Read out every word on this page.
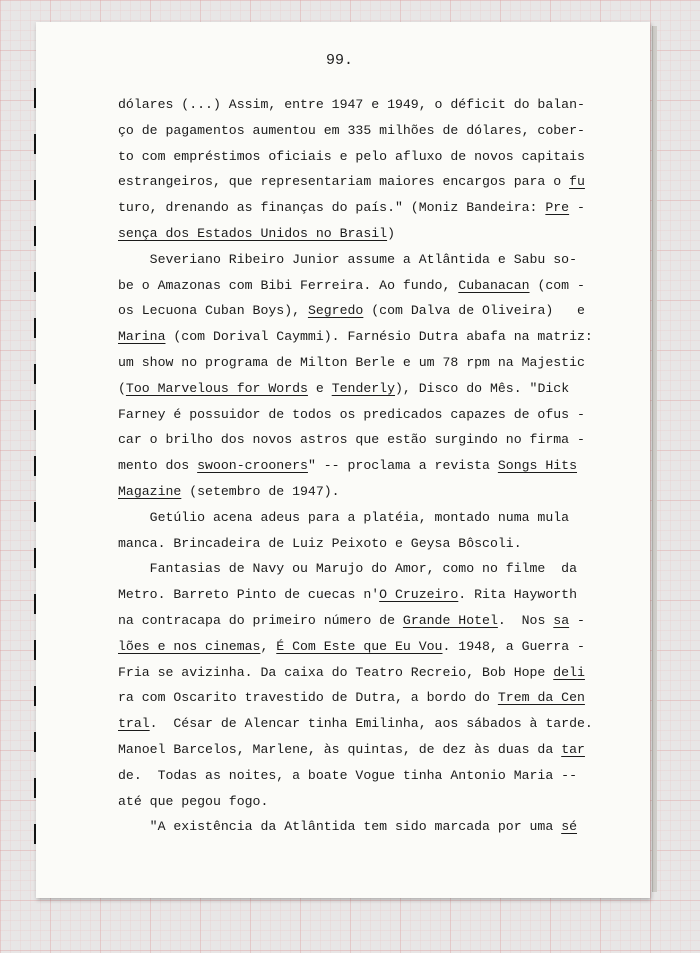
99.
dólares (...) Assim, entre 1947 e 1949, o déficit do balan-
ço de pagamentos aumentou em 335 milhões de dólares, cober-
to com empréstimos oficiais e pelo afluxo de novos capitais
estrangeiros, que representariam maiores encargos para o fu
turo, drenando as finanças do país." (Moniz Bandeira: Pre -
sença dos Estados Unidos no Brasil)
Severiano Ribeiro Junior assume a Atlântida e Sabu so-
be o Amazonas com Bibi Ferreira. Ao fundo, Cubanacan (com -
os Lecuona Cuban Boys), Segredo (com Dalva de Oliveira)   e
Marina (com Dorival Caymmi). Farnésio Dutra abafa na matriz:
um show no programa de Milton Berle e um 78 rpm na Majestic
(Too Marvelous for Words e Tenderly), Disco do Mês. "Dick
Farney é possuidor de todos os predicados capazes de ofus -
car o brilho dos novos astros que estão surgindo no firma -
mento dos swoon-crooners" -- proclama a revista Songs Hits
Magazine (setembro de 1947).
Getúlio acena adeus para a platéia, montado numa mula
manca. Brincadeira de Luiz Peixoto e Geysa Bôscoli.
Fantasias de Navy ou Marujo do Amor, como no filme  da
Metro. Barreto Pinto de cuecas n'O Cruzeiro. Rita Hayworth
na contracapa do primeiro número de Grande Hotel.  Nos sa -
lões e nos cinemas, É Com Este que Eu Vou. 1948, a Guerra -
Fria se avizinha. Da caixa do Teatro Recreio, Bob Hope deli
ra com Oscarito travestido de Dutra, a bordo do Trem da Cen
tral.  César de Alencar tinha Emilinha, aos sábados à tarde.
Manoel Barcelos, Marlene, às quintas, de dez às duas da tar
de.  Todas as noites, a boate Vogue tinha Antonio Maria --
até que pegou fogo.
"A existência da Atlântida tem sido marcada por uma sé
